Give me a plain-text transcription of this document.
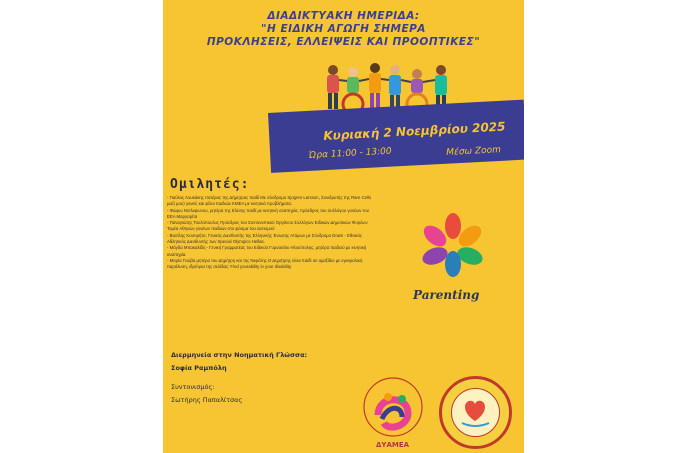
ΔΙΑΔΙΚΤΥΑΚΗ ΗΜΕΡΙΔΑ:
"Η ΕΙΔΙΚΗ ΑΓΩΓΗ ΣΗΜΕΡΑ
ΠΡΟΚΛΗΣΕΙΣ, ΕΛΛΕΙΨΕΙΣ ΚΑΙ ΠΡΟΟΠΤΙΚΕΣ"
Κυριακή 2 Νοεμβρίου 2025
Ώρα 11:00 - 13:00	Μέσω Zoom
Ομιλητές:

- Παύλος Λουκάκης πατέρας της Δήμητρας παιδί Με σύνδρομο Sjogren Larsson, Συνιδρυτής της Rare Cells μαζί μου) γονείς και φίλοι παιδιών ΚΜΕΑ με κινητικά προβλήματα.

- Φώφω Ντελεφωνου, μητέρα της Ελένης παιδί με κινητική αναπηρία, πρόεδρος του συλλόγου γονέων του ΕΕΑ Μαργαρίτα

- Παναγιώτης Τουλόπουλος Πρόεδρος του Συντονιστικού Οργάνου Συλλόγων Ειδικών Δημοτικών Φορέων Τομέα Αθηνών γονέων παιδιών στο φάσμα του αυτισμού

- Βασίλης Κουτιρήτσ, Γενικός Διευθυντής της Ελληνικής Ένωσης Ατόμων με Σύνδρομο Down - Εθνικός Αθλητικός Διευθυντής των Special Olympics Hellas.

- Μάγδα Μπακαλίδη - Γενική Γραμματέας του Ειδικού Γυμνασίου Ηλιούπολης, μητέρα παιδιού με κινητική αναπηρία.

- Μαρία Γεώβα μητέρα του Δημήτρη και της Νεφέλης.Ο Δημήτρης είναι παιδί σε αμαξίδιο με εγκεφαλική παράλυση, ιδρύτρια της σελίδας: Find yourability in your disability.

Διερμηνεία στην Νοηματική Γλώσσα:
Σοφία Ραμπόλη
Συντονισμός:
Σωτήρης Παπαλίτσας
Parenting
ΔΥΑΜΕΑ
